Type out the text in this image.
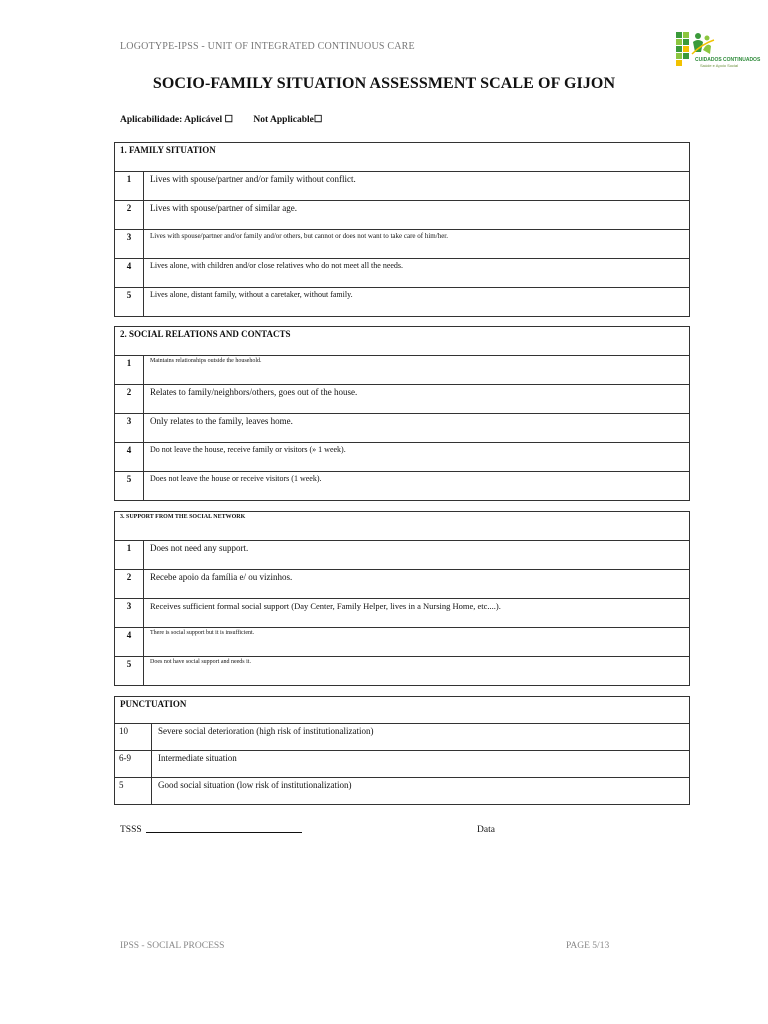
LOGOTYPE-IPSS - UNIT OF INTEGRATED CONTINUOUS CARE
CUIDADOS CONTINUADOS
Saúde e Apoio Social
SOCIO-FAMILY SITUATION ASSESSMENT SCALE OF GIJON
Aplicabilidade: Aplicável ☐ Not Applicable☐
1. FAMILY SITUATION	
1	Lives with spouse/partner and/or family without conflict.
2	Lives with spouse/partner of similar age.
3	Lives with spouse/partner and/or family and/or others, but cannot or does not want to take care of him/her.
4	Lives alone, with children and/or close relatives who do not meet all the needs.
5	Lives alone, distant family, without a caretaker, without family.
2. SOCIAL RELATIONS AND CONTACTS	
1	Maintains relationships outside the household.
2	Relates to family/neighbors/others, goes out of the house.
3	Only relates to the family, leaves home.
4	Do not leave the house, receive family or visitors (» 1 week).
5	Does not leave the house or receive visitors (1 week).
3. SUPPORT FROM THE SOCIAL NETWORK	
1	Does not need any support.
2	Recebe apoio da família e/ ou vizinhos.
3	Receives sufficient formal social support (Day Center, Family Helper, lives in a Nursing Home, etc....).
4	There is social support but it is insufficient.
5	Does not have social support and needs it.
PUNCTUATION	
10	Severe social deterioration (high risk of institutionalization)
6-9	Intermediate situation
5	Good social situation (low risk of institutionalization)
TSSS	Data
IPSS - SOCIAL PROCESS	PAGE 5/13
